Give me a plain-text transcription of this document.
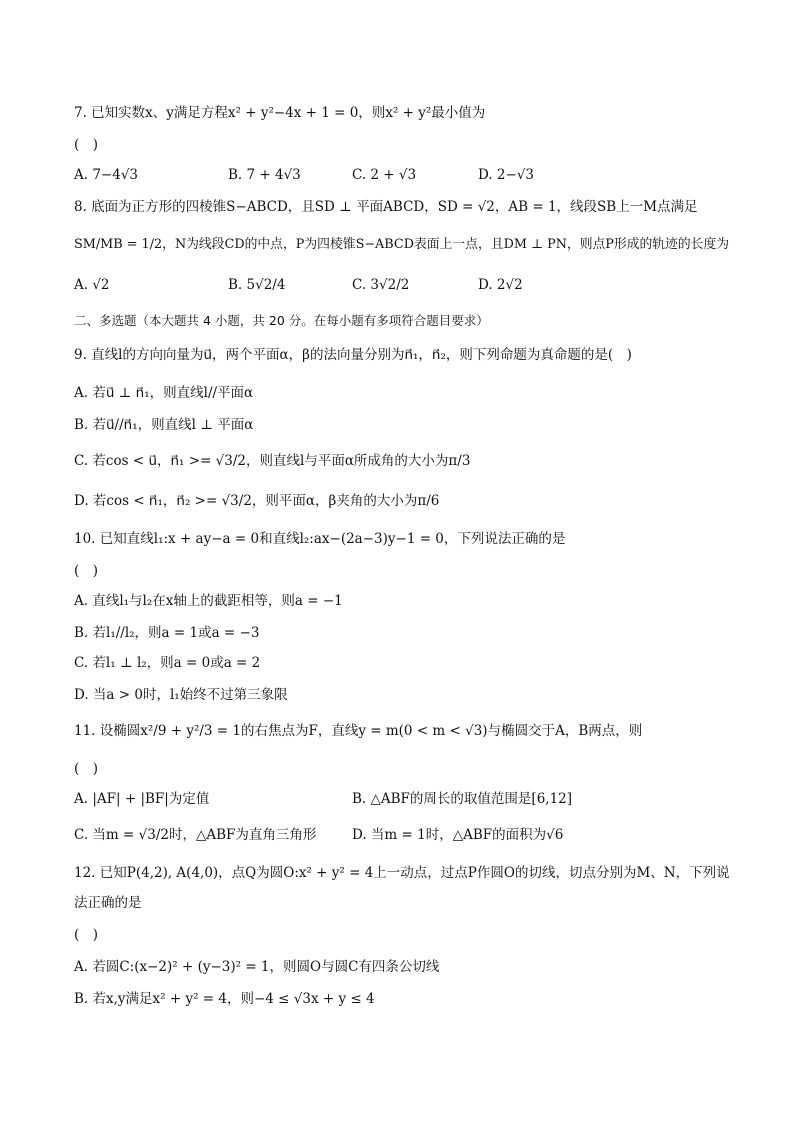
7. 已知实数x、y满足方程x² + y²−4x + 1 = 0，则x² + y²最小值为
(　)
A. 7−4√3	B. 7 + 4√3	C. 2 + √3	D. 2−√3
8. 底面为正方形的四棱锥S−ABCD，且SD ⊥ 平面ABCD，SD = √2，AB = 1，线段SB上一M点满足
SM/MB = 1/2，N为线段CD的中点，P为四棱锥S−ABCD表面上一点，且DM ⊥ PN，则点P形成的轨迹的长度为
A. √2	B. 5√2/4	C. 3√2/2	D. 2√2
二、多选题（本大题共 4 小题，共 20 分。在每小题有多项符合题目要求）
9. 直线l的方向向量为u⃗，两个平面α，β的法向量分别为n⃗₁，n⃗₂，则下列命题为真命题的是(　)
A. 若u⃗ ⊥ n⃗₁，则直线l//平面α
B. 若u⃗//n⃗₁，则直线l ⊥ 平面α
C. 若cos < u⃗，n⃗₁ >= √3/2，则直线l与平面α所成角的大小为π/3
D. 若cos < n⃗₁，n⃗₂ >= √3/2，则平面α，β夹角的大小为π/6
10. 已知直线l₁:x + ay−a = 0和直线l₂:ax−(2a−3)y−1 = 0，下列说法正确的是
(　)
A. 直线l₁与l₂在x轴上的截距相等，则a = −1
B. 若l₁//l₂，则a = 1或a = −3
C. 若l₁ ⊥ l₂，则a = 0或a = 2
D. 当a > 0时，l₁始终不过第三象限
11. 设椭圆x²/9 + y²/3 = 1的右焦点为F，直线y = m(0 < m < √3)与椭圆交于A，B两点，则
(　)
A. |AF| + |BF|为定值	B. △ABF的周长的取值范围是[6,12]
C. 当m = √3/2时，△ABF为直角三角形	D. 当m = 1时，△ABF的面积为√6
12. 已知P(4,2), A(4,0)，点Q为圆O:x² + y² = 4上一动点，过点P作圆O的切线，切点分别为M、N，下列说
法正确的是
(　)
A. 若圆C:(x−2)² + (y−3)² = 1，则圆O与圆C有四条公切线
B. 若x,y满足x² + y² = 4，则−4 ≤ √3x + y ≤ 4
